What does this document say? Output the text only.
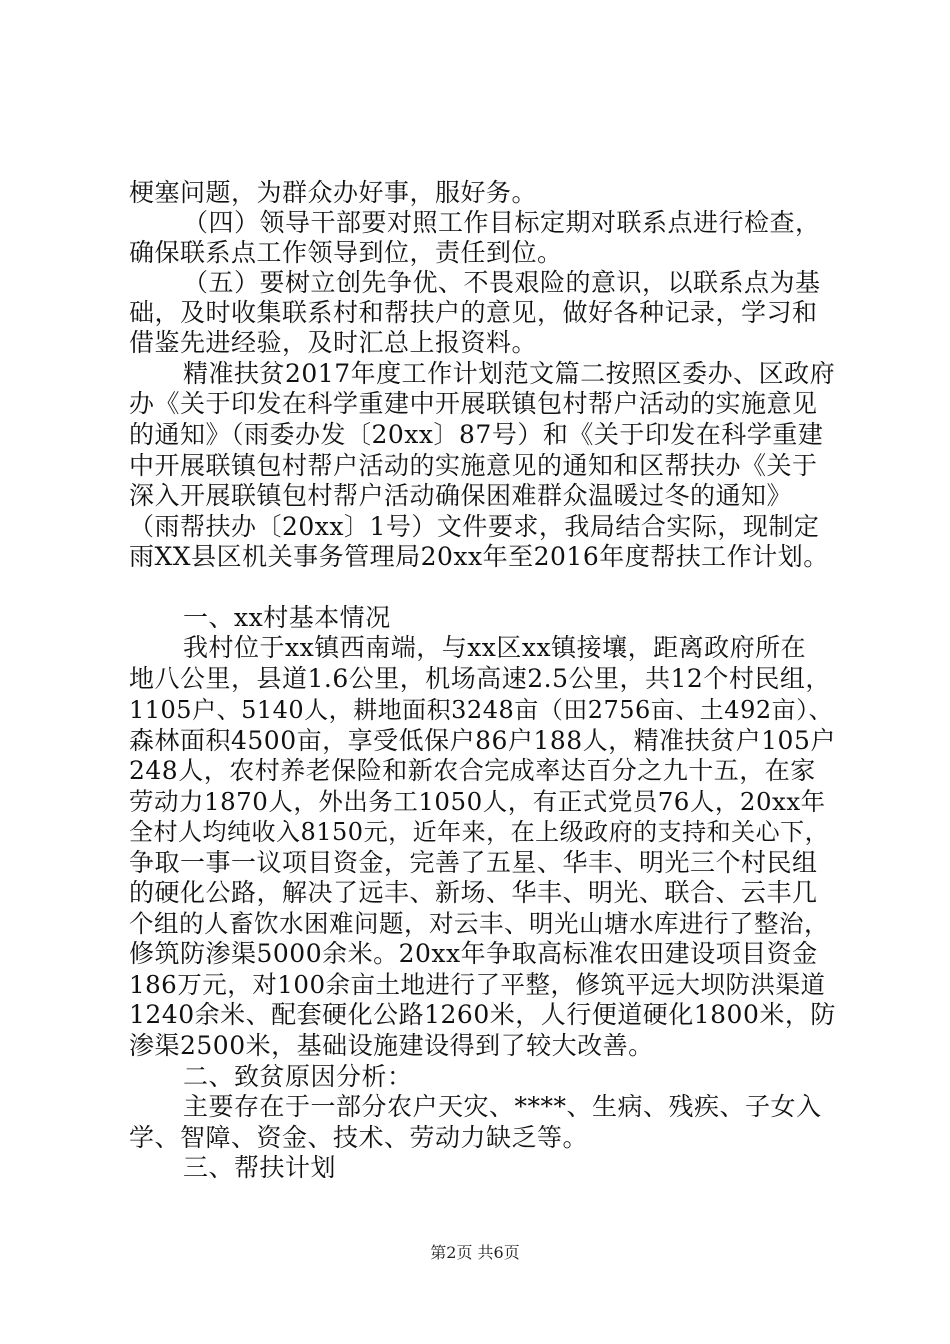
梗塞问题，为群众办好事，服好务。
（四）领导干部要对照工作目标定期对联系点进行检查，
确保联系点工作领导到位，责任到位。
（五）要树立创先争优、不畏艰险的意识，以联系点为基
础，及时收集联系村和帮扶户的意见，做好各种记录，学习和
借鉴先进经验，及时汇总上报资料。
精准扶贫2017年度工作计划范文篇二按照区委办、区政府
办《关于印发在科学重建中开展联镇包村帮户活动的实施意见
的通知》（雨委办发〔20xx〕87号）和《关于印发在科学重建
中开展联镇包村帮户活动的实施意见的通知和区帮扶办《关于
深入开展联镇包村帮户活动确保困难群众温暖过冬的通知》
（雨帮扶办〔20xx〕1号）文件要求，我局结合实际，现制定
雨XX县区机关事务管理局20xx年至2016年度帮扶工作计划。
一、xx村基本情况
我村位于xx镇西南端，与xx区xx镇接壤，距离政府所在
地八公里，县道1.6公里，机场高速2.5公里，共12个村民组，
1105户、5140人，耕地面积3248亩（田2756亩、土492亩）、
森林面积4500亩，享受低保户86户188人，精准扶贫户105户
248人，农村养老保险和新农合完成率达百分之九十五，在家
劳动力1870人，外出务工1050人，有正式党员76人，20xx年
全村人均纯收入8150元，近年来，在上级政府的支持和关心下，
争取一事一议项目资金，完善了五星、华丰、明光三个村民组
的硬化公路，解决了远丰、新场、华丰、明光、联合、云丰几
个组的人畜饮水困难问题，对云丰、明光山塘水库进行了整治，
修筑防渗渠5000余米。20xx年争取高标准农田建设项目资金
186万元，对100余亩土地进行了平整，修筑平远大坝防洪渠道
1240余米、配套硬化公路1260米，人行便道硬化1800米，防
渗渠2500米，基础设施建设得到了较大改善。
二、致贫原因分析：
主要存在于一部分农户天灾、****、生病、残疾、子女入
学、智障、资金、技术、劳动力缺乏等。
三、帮扶计划
第2页 共6页
